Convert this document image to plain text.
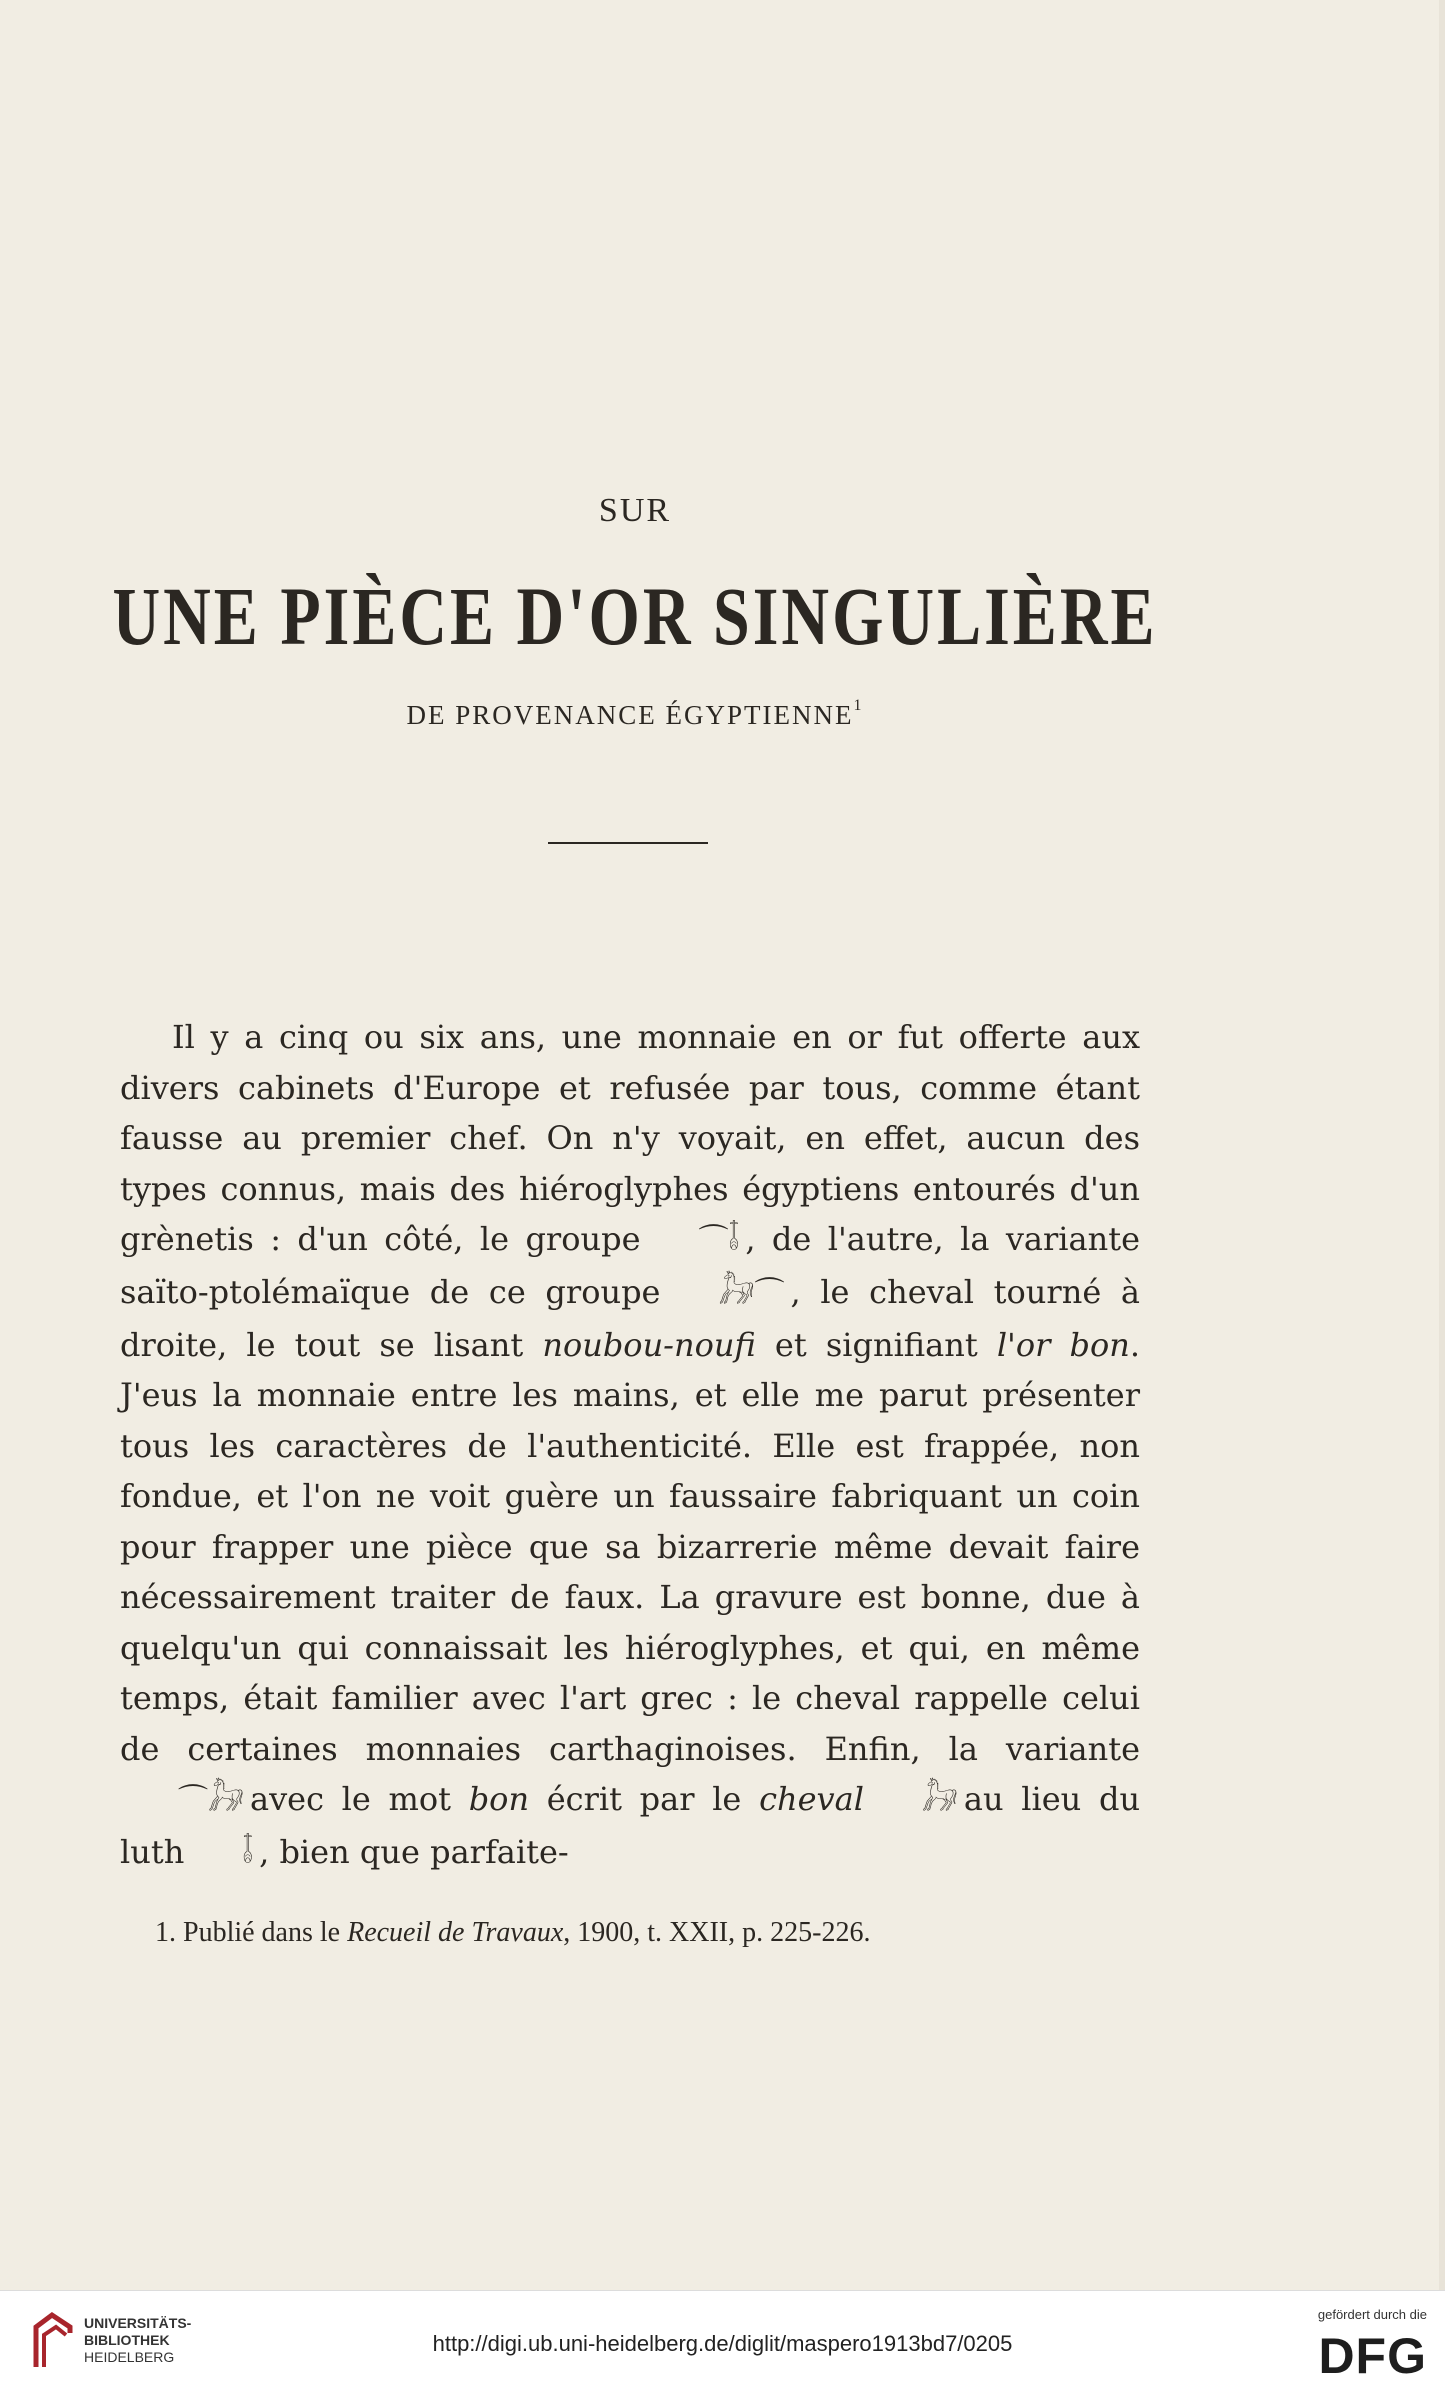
SUR
UNE PIÈCE D'OR SINGULIÈRE
DE PROVENANCE ÉGYPTIENNE$^1$

Il y a cinq ou six ans, une monnaie en or fut offerte aux divers cabinets d'Europe et refusée par tous, comme étant fausse au premier chef. On n'y voyait, en effet, aucun des types connus, mais des hiéroglyphes égyptiens entourés d'un grènetis : d'un côté, le groupe ⌒𓄤 , de l'autre, la variante saïto-ptolémaïque de ce groupe 𓃗⌒ , le cheval tourné à droite, le tout se lisant noubou-noufi et signifiant l'or bon. J'eus la monnaie entre les mains, et elle me parut présenter tous les caractères de l'authenticité. Elle est frappée, non fondue, et l'on ne voit guère un faussaire fabriquant un coin pour frapper une pièce que sa bizarrerie même devait faire nécessairement traiter de faux. La gravure est bonne, due à quelqu'un qui connaissait les hiéroglyphes, et qui, en même temps, était familier avec l'art grec : le cheval rappelle celui de certaines monnaies carthaginoises. Enfin, la variante⌒𓃗 avec le mot bon écrit par le cheval 𓃗 au lieu du luth 𓄤 , bien que parfaite-

1. Publié dans le Recueil de Travaux, 1900, t. XXII, p. 225-226.
UNIVERSITÄTS-
BIBLIOTHEK
HEIDELBERG
http://digi.ub.uni-heidelberg.de/diglit/maspero1913bd7/0205
gefördert durch die
DFG
